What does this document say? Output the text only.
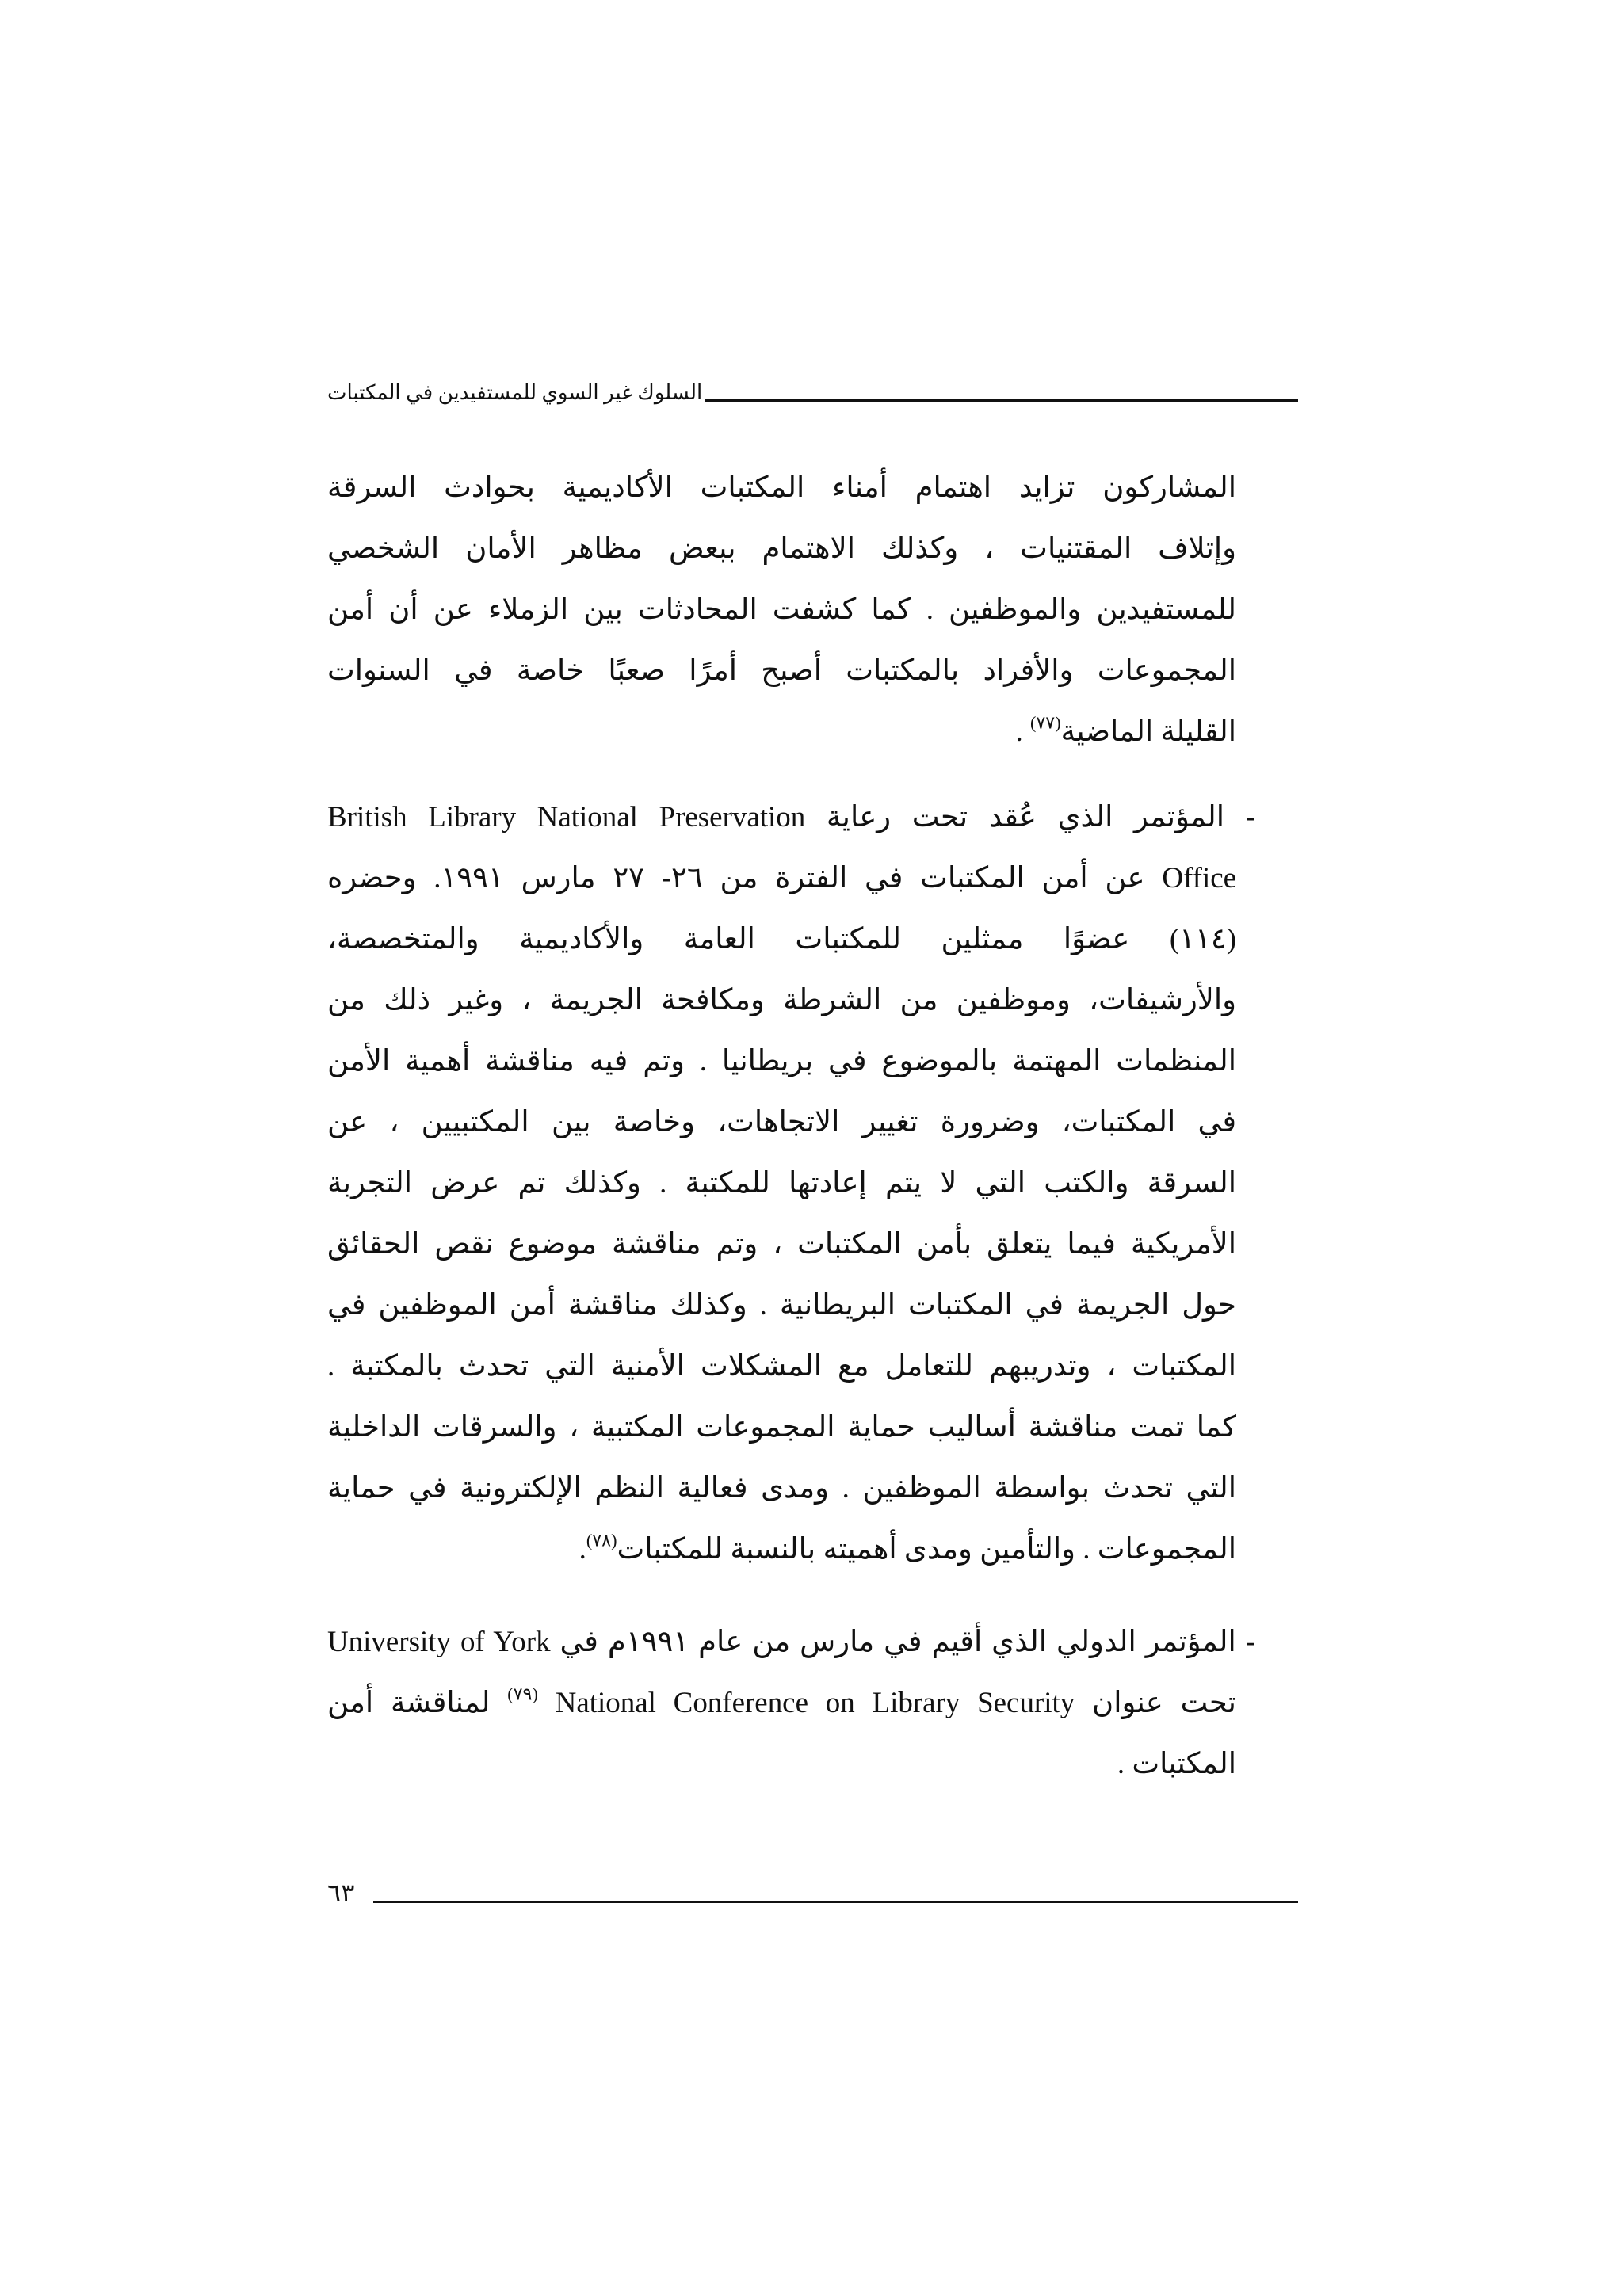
السلوك غير السوي للمستفيدين في المكتبات
المشاركون تزايد اهتمام أمناء المكتبات الأكاديمية بحوادث السرقة
وإتلاف المقتنيات ، وكذلك الاهتمام ببعض مظاهر الأمان الشخصي
للمستفيدين والموظفين . كما كشفت المحادثات بين الزملاء عن أن أمن
المجموعات والأفراد بالمكتبات أصبح أمرًا صعبًا خاصة في السنوات
القليلة الماضية$^{(٧٧)}$ .
- المؤتمر الذي عُقد تحت رعاية British Library National Preservation
Office عن أمن المكتبات في الفترة من ٢٦- ٢٧ مارس ١٩٩١. وحضره
(١١٤) عضوًا ممثلين للمكتبات العامة والأكاديمية والمتخصصة،
والأرشيفات، وموظفين من الشرطة ومكافحة الجريمة ، وغير ذلك من
المنظمات المهتمة بالموضوع في بريطانيا . وتم فيه مناقشة أهمية الأمن
في المكتبات، وضرورة تغيير الاتجاهات، وخاصة بين المكتبيين ، عن
السرقة والكتب التي لا يتم إعادتها للمكتبة . وكذلك تم عرض التجربة
الأمريكية فيما يتعلق بأمن المكتبات ، وتم مناقشة موضوع نقص الحقائق
حول الجريمة في المكتبات البريطانية . وكذلك مناقشة أمن الموظفين في
المكتبات ، وتدريبهم للتعامل مع المشكلات الأمنية التي تحدث بالمكتبة .
كما تمت مناقشة أساليب حماية المجموعات المكتبية ، والسرقات الداخلية
التي تحدث بواسطة الموظفين . ومدى فعالية النظم الإلكترونية في حماية
المجموعات . والتأمين ومدى أهميته بالنسبة للمكتبات$^{(٧٨)}$.
- المؤتمر الدولي الذي أقيم في مارس من عام ١٩٩١م في University of York
تحت عنوان National Conference on Library Security $^{(٧٩)}$ لمناقشة أمن
المكتبات .
٦٣
